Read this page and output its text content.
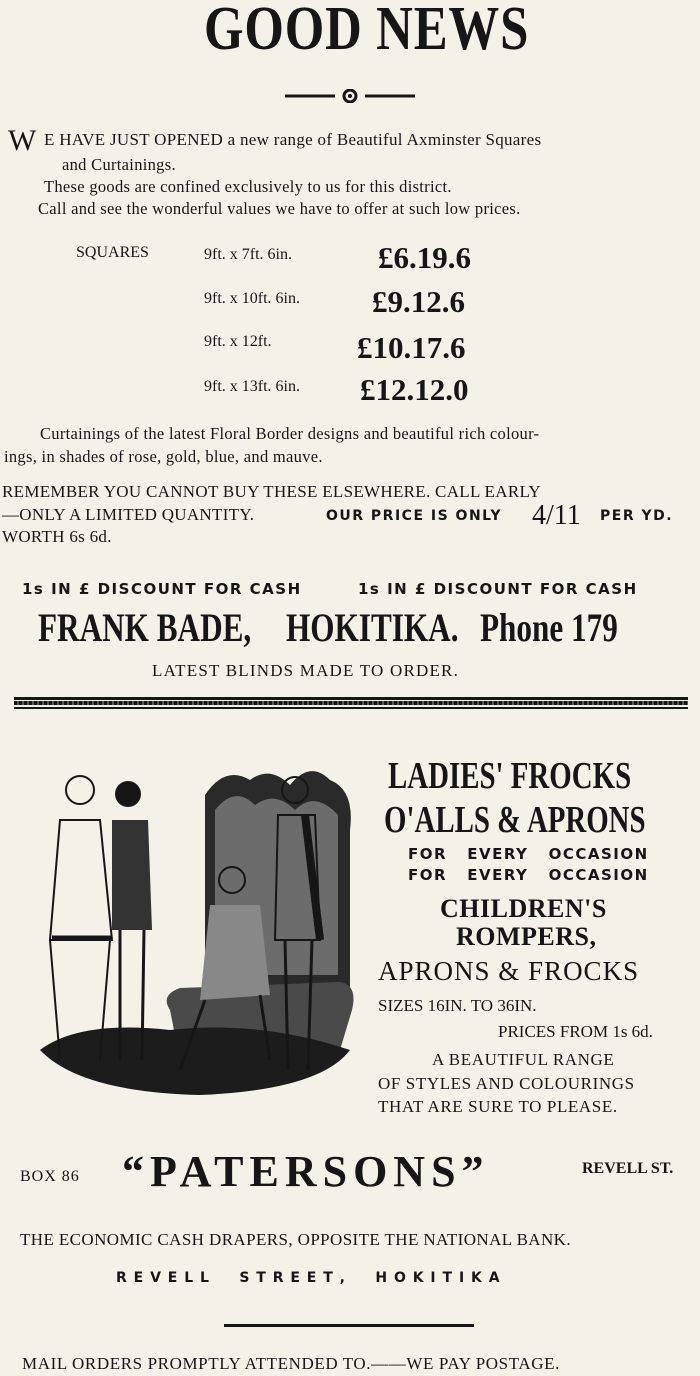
GOOD NEWS
W E HAVE JUST OPENED a new range of Beautiful Axminster Squares
and Curtainings.
These goods are confined exclusively to us for this district.
Call and see the wonderful values we have to offer at such low prices.
SQUARES	9ft. x 7ft. 6in.	£6.19.6
9ft. x 10ft. 6in. £9.12.6
9ft. x 12ft.	£10.17.6
9ft. x 13ft. 6in. £12.12.0
Curtainings of the latest Floral Border designs and beautiful rich colour-
ings, in shades of rose, gold, blue, and mauve.
REMEMBER YOU CANNOT BUY THESE ELSEWHERE. CALL EARLY
—ONLY A LIMITED QUANTITY.	OUR PRICE IS ONLY 4/11 PER YD.
WORTH 6s 6d.
1s IN £ DISCOUNT FOR CASH	1s IN £ DISCOUNT FOR CASH
FRANK BADE, HOKITIKA. Phone 179
LATEST BLINDS MADE TO ORDER.
LADIES' FROCKS
O'ALLS & APRONS
FOR   EVERY   OCCASION
FOR   EVERY   OCCASION
CHILDREN'S
ROMPERS,
APRONS & FROCKS
SIZES 16IN. TO 36IN.
PRICES FROM 1s 6d.
A BEAUTIFUL RANGE
OF STYLES AND COLOURINGS
THAT ARE SURE TO PLEASE.
BOX 86 “PATERSONS”	REVELL ST.
THE ECONOMIC CASH DRAPERS, OPPOSITE THE NATIONAL BANK.
R E V E L L     S T R E E T ,     H O K I T I K A
MAIL ORDERS PROMPTLY ATTENDED TO.——WE PAY POSTAGE.
